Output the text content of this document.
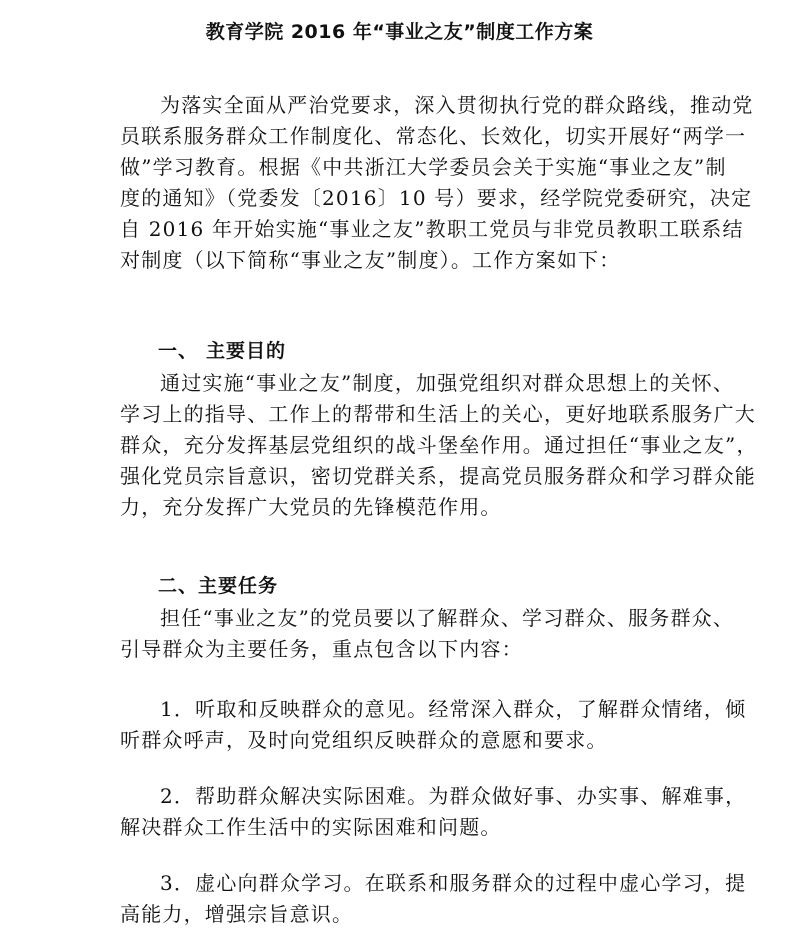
教育学院 2016 年“事业之友”制度工作方案
为落实全面从严治党要求，深入贯彻执行党的群众路线，推动党
员联系服务群众工作制度化、常态化、长效化，切实开展好“两学一
做”学习教育。根据《中共浙江大学委员会关于实施“事业之友”制
度的通知》（党委发〔2016〕10 号）要求，经学院党委研究，决定
自 2016 年开始实施“事业之友”教职工党员与非党员教职工联系结
对制度（以下简称“事业之友”制度）。工作方案如下：
一、 主要目的
通过实施“事业之友”制度，加强党组织对群众思想上的关怀、
学习上的指导、工作上的帮带和生活上的关心，更好地联系服务广大
群众，充分发挥基层党组织的战斗堡垒作用。通过担任“事业之友”，
强化党员宗旨意识，密切党群关系，提高党员服务群众和学习群众能
力，充分发挥广大党员的先锋模范作用。
二、主要任务
担任“事业之友”的党员要以了解群众、学习群众、服务群众、
引导群众为主要任务，重点包含以下内容：
1．听取和反映群众的意见。经常深入群众，了解群众情绪，倾
听群众呼声，及时向党组织反映群众的意愿和要求。
2．帮助群众解决实际困难。为群众做好事、办实事、解难事，
解决群众工作生活中的实际困难和问题。
3．虚心向群众学习。在联系和服务群众的过程中虚心学习，提
高能力，增强宗旨意识。
